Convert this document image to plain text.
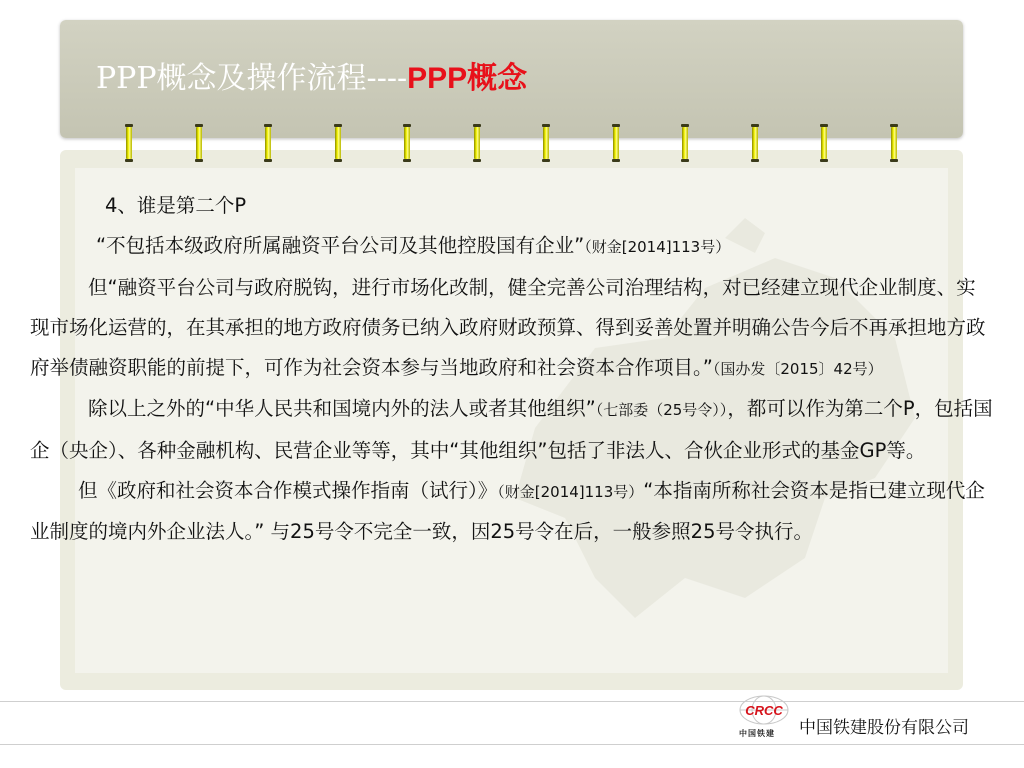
PPP概念及操作流程----PPP概念

4、谁是第二个P

“不包括本级政府所属融资平台公司及其他控股国有企业”（财金[2014]113号）

但“融资平台公司与政府脱钩，进行市场化改制，健全完善公司治理结构，对已经建立现代企业制度、实现市场化运营的，在其承担的地方政府债务已纳入政府财政预算、得到妥善处置并明确公告今后不再承担地方政府举债融资职能的前提下，可作为社会资本参与当地政府和社会资本合作项目。”（国办发〔2015〕42号）

除以上之外的“中华人民共和国境内外的法人或者其他组织”（七部委（25号令）），都可以作为第二个P，包括国企（央企）、各种金融机构、民营企业等等，其中“其他组织”包括了非法人、合伙企业形式的基金GP等。

但《政府和社会资本合作模式操作指南（试行）》（财金[2014]113号）“本指南所称社会资本是指已建立现代企业制度的境内外企业法人。” 与25号令不完全一致，因25号令在后，一般参照25号令执行。

CRCC
中国铁建 中国铁建股份有限公司
